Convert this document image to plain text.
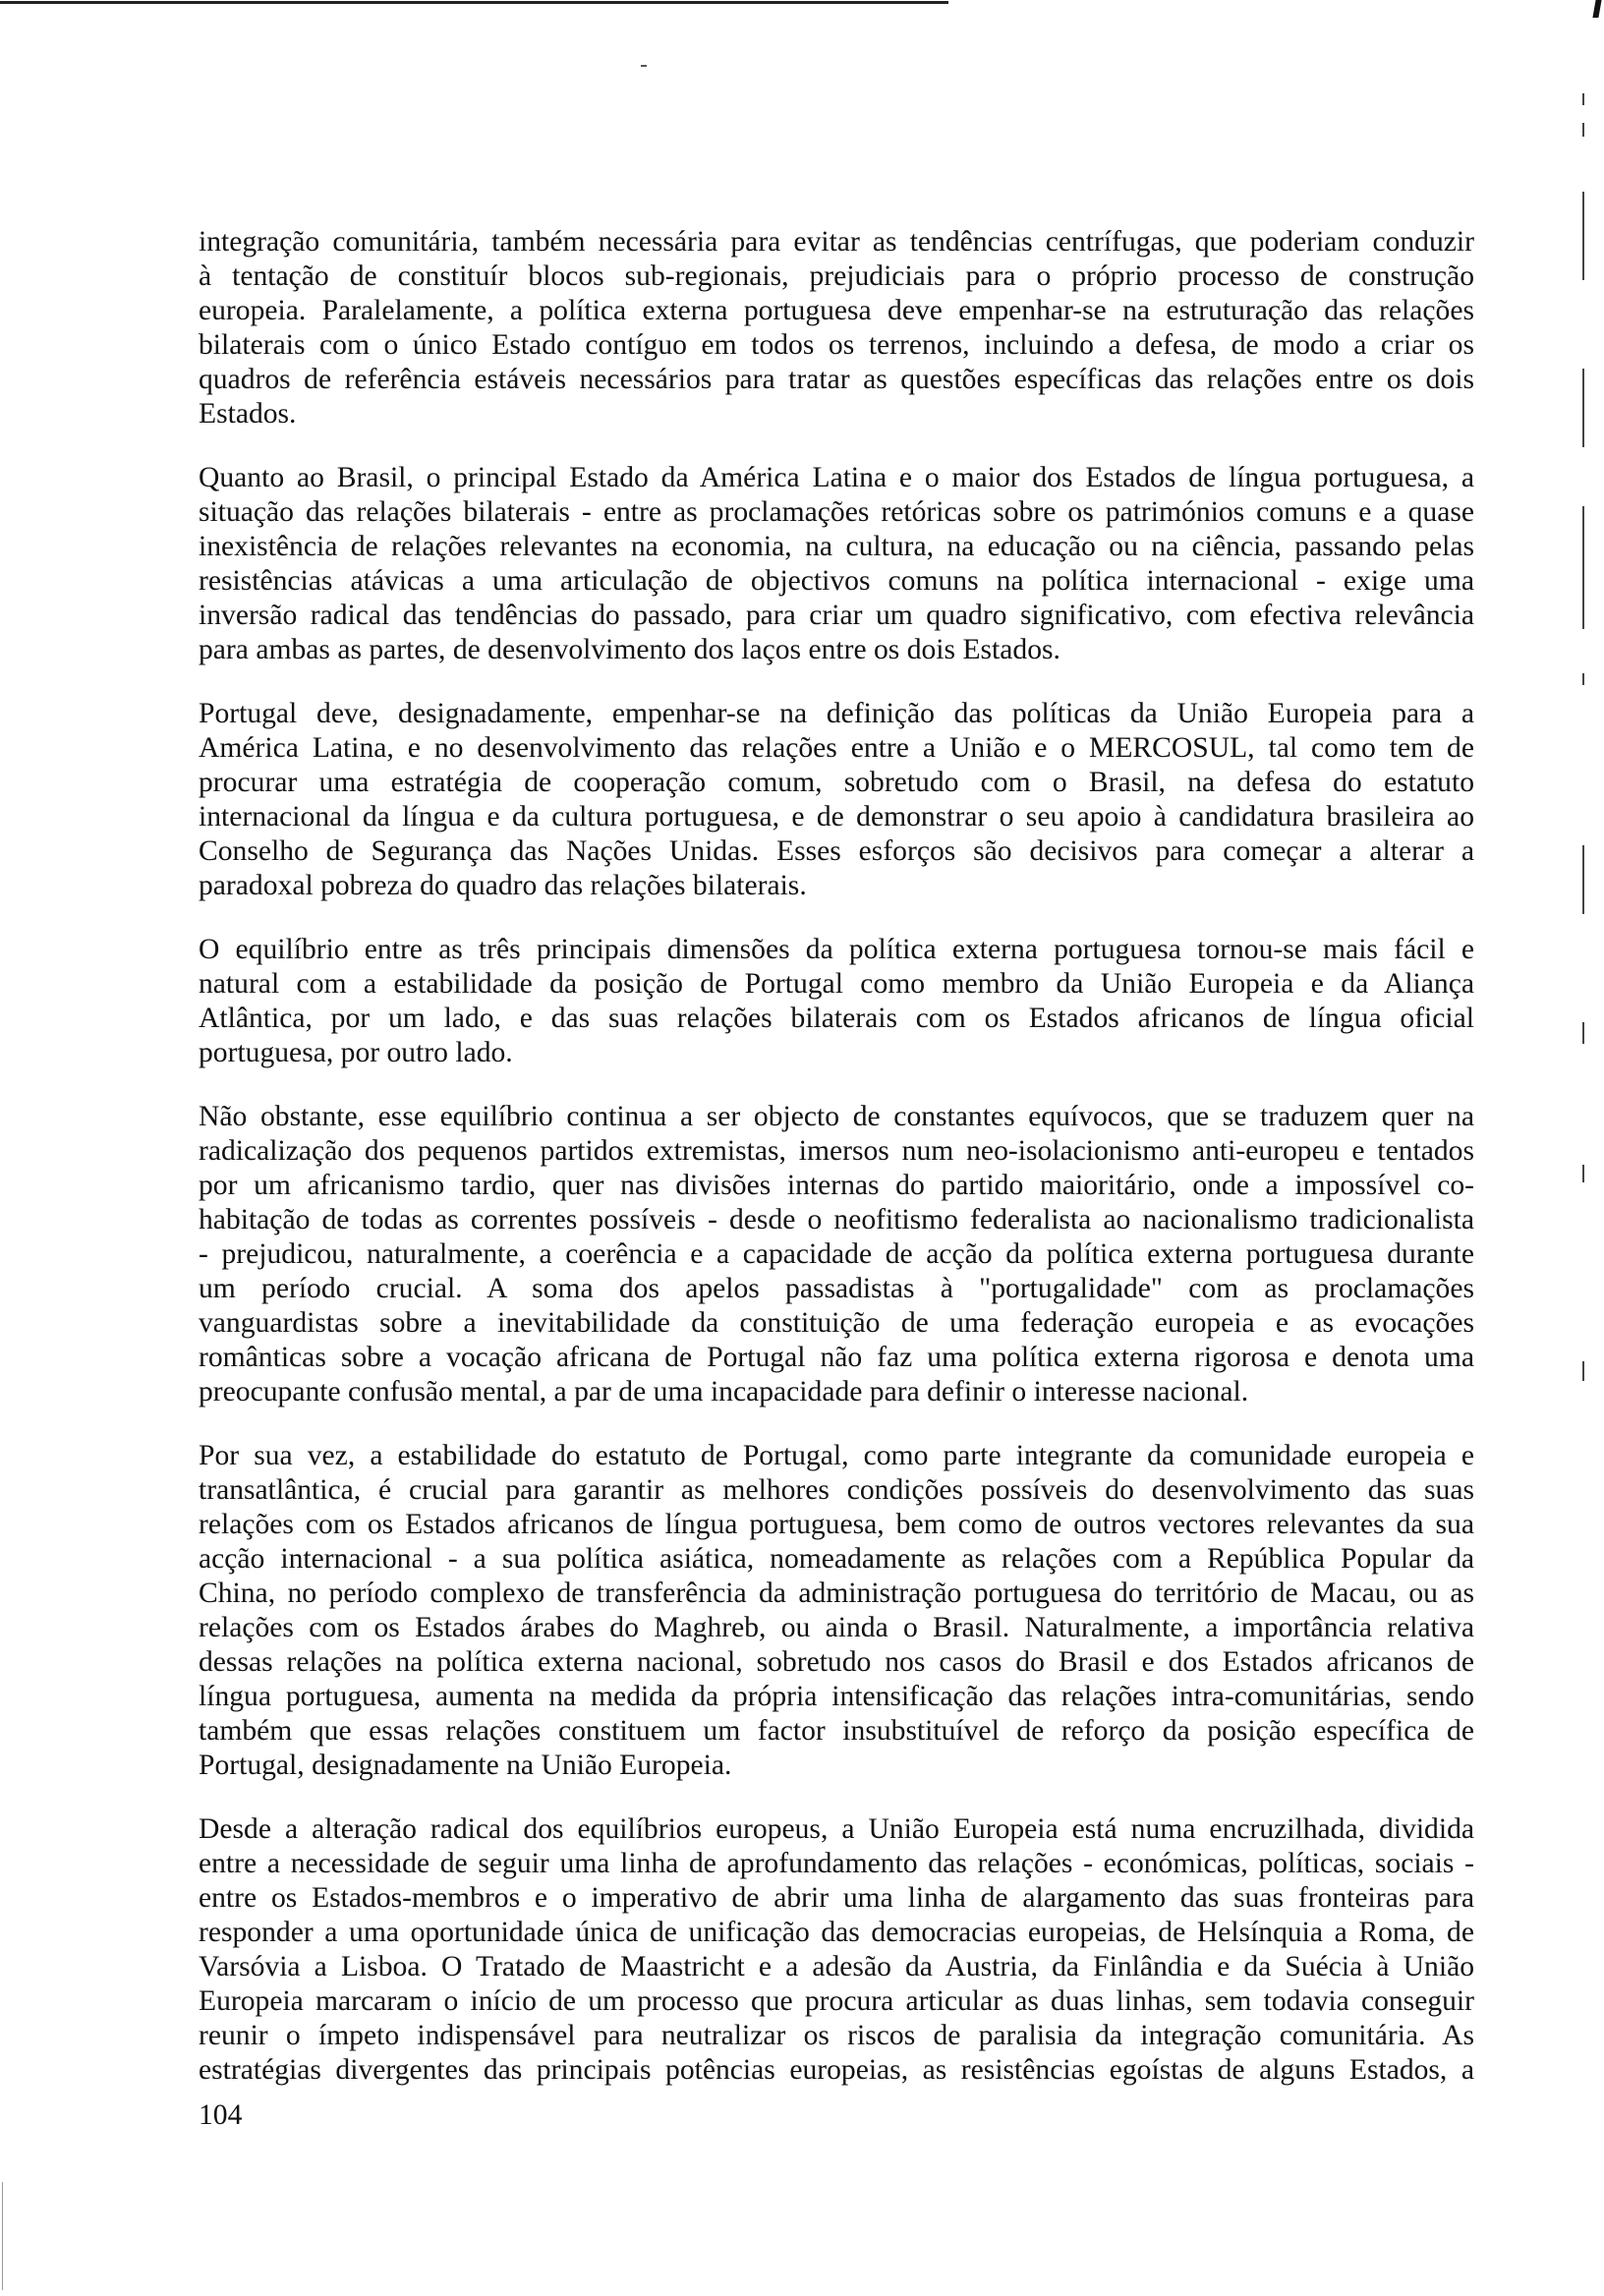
integração comunitária, também necessária para evitar as tendências centrífugas, que poderiam conduzir
à tentação de constituír blocos sub-regionais, prejudiciais para o próprio processo de construção
europeia. Paralelamente, a política externa portuguesa deve empenhar-se na estruturação das relações
bilaterais com o único Estado contíguo em todos os terrenos, incluindo a defesa, de modo a criar os
quadros de referência estáveis necessários para tratar as questões específicas das relações entre os dois
Estados.
Quanto ao Brasil, o principal Estado da América Latina e o maior dos Estados de língua portuguesa, a
situação das relações bilaterais - entre as proclamações retóricas sobre os patrimónios comuns e a quase
inexistência de relações relevantes na economia, na cultura, na educação ou na ciência, passando pelas
resistências atávicas a uma articulação de objectivos comuns na política internacional - exige uma
inversão radical das tendências do passado, para criar um quadro significativo, com efectiva relevância
para ambas as partes, de desenvolvimento dos laços entre os dois Estados.
Portugal deve, designadamente, empenhar-se na definição das políticas da União Europeia para a
América Latina, e no desenvolvimento das relações entre a União e o MERCOSUL, tal como tem de
procurar uma estratégia de cooperação comum, sobretudo com o Brasil, na defesa do estatuto
internacional da língua e da cultura portuguesa, e de demonstrar o seu apoio à candidatura brasileira ao
Conselho de Segurança das Nações Unidas. Esses esforços são decisivos para começar a alterar a
paradoxal pobreza do quadro das relações bilaterais.
O equilíbrio entre as três principais dimensões da política externa portuguesa tornou-se mais fácil e
natural com a estabilidade da posição de Portugal como membro da União Europeia e da Aliança
Atlântica, por um lado, e das suas relações bilaterais com os Estados africanos de língua oficial
portuguesa, por outro lado.
Não obstante, esse equilíbrio continua a ser objecto de constantes equívocos, que se traduzem quer na
radicalização dos pequenos partidos extremistas, imersos num neo-isolacionismo anti-europeu e tentados
por um africanismo tardio, quer nas divisões internas do partido maioritário, onde a impossível co-
habitação de todas as correntes possíveis - desde o neofitismo federalista ao nacionalismo tradicionalista
- prejudicou, naturalmente, a coerência e a capacidade de acção da política externa portuguesa durante
um período crucial. A soma dos apelos passadistas à "portugalidade" com as proclamações
vanguardistas sobre a inevitabilidade da constituição de uma federação europeia e as evocações
românticas sobre a vocação africana de Portugal não faz uma política externa rigorosa e denota uma
preocupante confusão mental, a par de uma incapacidade para definir o interesse nacional.
Por sua vez, a estabilidade do estatuto de Portugal, como parte integrante da comunidade europeia e
transatlântica, é crucial para garantir as melhores condições possíveis do desenvolvimento das suas
relações com os Estados africanos de língua portuguesa, bem como de outros vectores relevantes da sua
acção internacional - a sua política asiática, nomeadamente as relações com a República Popular da
China, no período complexo de transferência da administração portuguesa do território de Macau, ou as
relações com os Estados árabes do Maghreb, ou ainda o Brasil. Naturalmente, a importância relativa
dessas relações na política externa nacional, sobretudo nos casos do Brasil e dos Estados africanos de
língua portuguesa, aumenta na medida da própria intensificação das relações intra-comunitárias, sendo
também que essas relações constituem um factor insubstituível de reforço da posição específica de
Portugal, designadamente na União Europeia.
Desde a alteração radical dos equilíbrios europeus, a União Europeia está numa encruzilhada, dividida
entre a necessidade de seguir uma linha de aprofundamento das relações - económicas, políticas, sociais -
entre os Estados-membros e o imperativo de abrir uma linha de alargamento das suas fronteiras para
responder a uma oportunidade única de unificação das democracias europeias, de Helsínquia a Roma, de
Varsóvia a Lisboa. O Tratado de Maastricht e a adesão da Austria, da Finlândia e da Suécia à União
Europeia marcaram o início de um processo que procura articular as duas linhas, sem todavia conseguir
reunir o ímpeto indispensável para neutralizar os riscos de paralisia da integração comunitária. As
estratégias divergentes das principais potências europeias, as resistências egoístas de alguns Estados, a
104
